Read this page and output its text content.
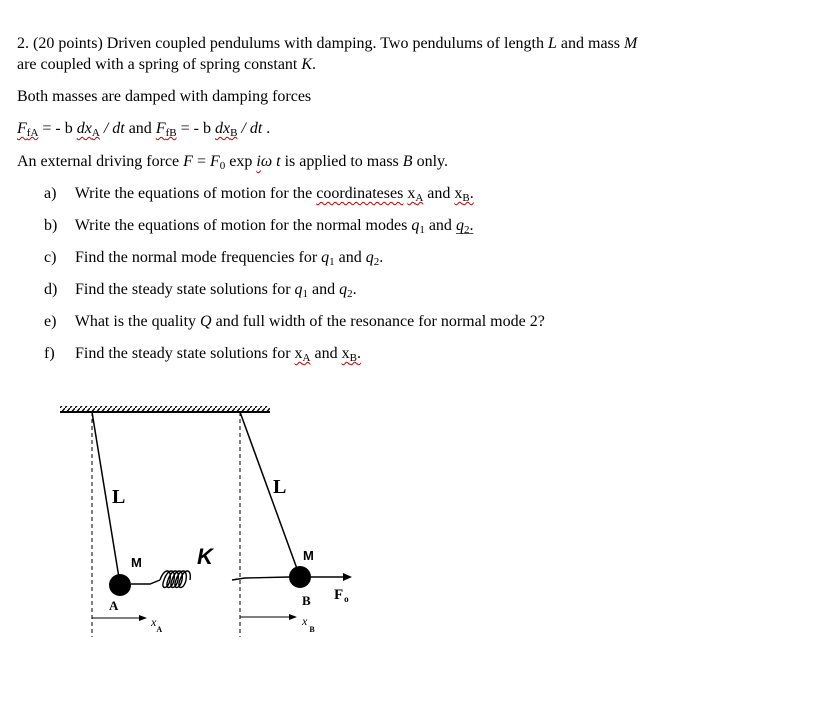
2. (20 points) Driven coupled pendulums with damping. Two pendulums of length L and mass M
are coupled with a spring of spring constant K.
Both masses are damped with damping forces
$F_{fA}$ = - b $dx_A$ / dt and $F_{fB}$ = - b $dx_B$ / dt .
An external driving force $F = F_0$ exp iω t is applied to mass B only.
a) Write the equations of motion for the coordinateses $x_A$ and $x_B$.
b) Write the equations of motion for the normal modes $q_1$ and $q_2$.
c) Find the normal mode frequencies for $q_1$ and $q_2$.
d) Find the steady state solutions for $q_1$ and $q_2$.
e) What is the quality Q and full width of the resonance for normal mode 2?
f) Find the steady state solutions for $x_A$ and $x_B$.
L	L
M	M
K
A	B $F_o$
$x_A$
$x_B$
